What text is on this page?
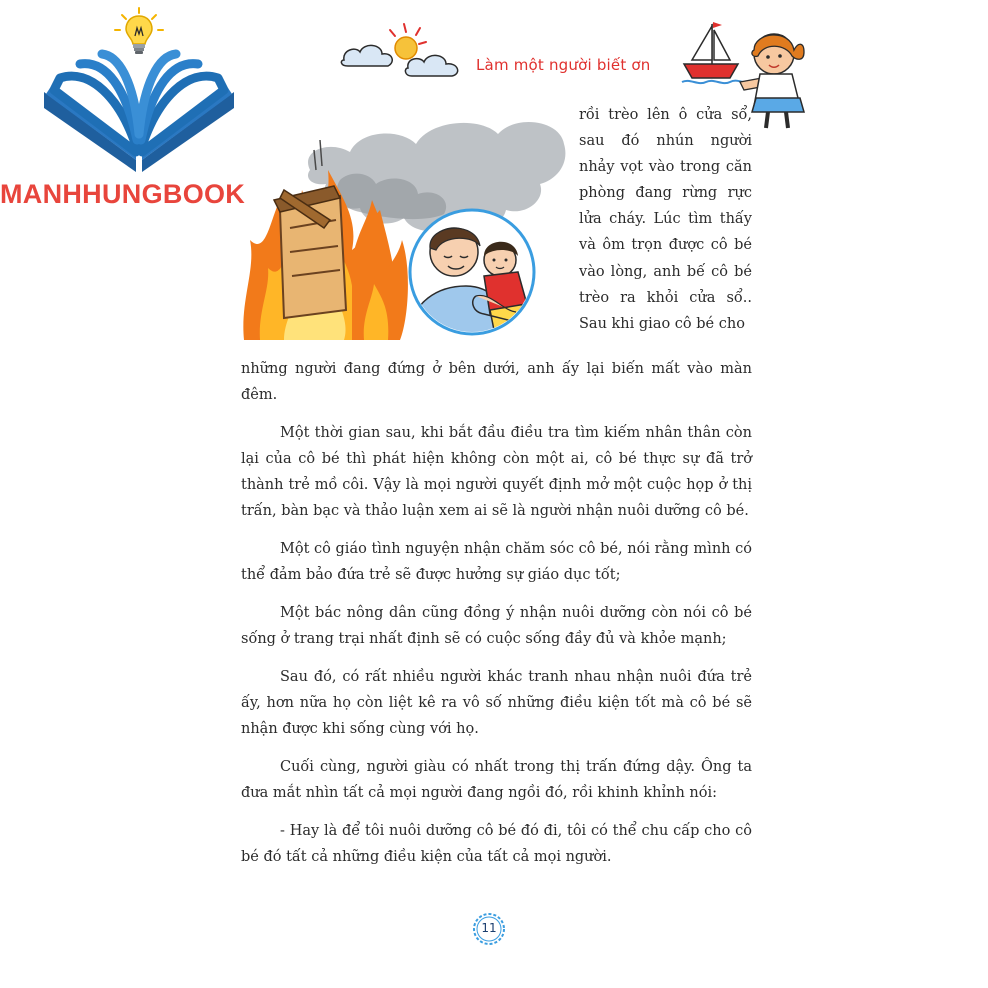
MANHHUNGBOOK
Làm một người biết ơn

rồi trèo lên ô cửa sổ, sau đó nhún người nhảy vọt vào trong căn phòng đang rừng rực lửa cháy. Lúc tìm thấy và ôm trọn được cô bé vào lòng, anh bế cô bé trèo ra khỏi cửa sổ.. Sau khi giao cô bé cho

những người đang đứng ở bên dưới, anh ấy lại biến mất vào màn đêm.

Một thời gian sau, khi bắt đầu điều tra tìm kiếm nhân thân còn lại của cô bé thì phát hiện không còn một ai, cô bé thực sự đã trở thành trẻ mồ côi. Vậy là mọi người quyết định mở một cuộc họp ở thị trấn, bàn bạc và thảo luận xem ai sẽ là người nhận nuôi dưỡng cô bé.

Một cô giáo tình nguyện nhận chăm sóc cô bé, nói rằng mình có thể đảm bảo đứa trẻ sẽ được hưởng sự giáo dục tốt;

Một bác nông dân cũng đồng ý nhận nuôi dưỡng còn nói cô bé sống ở trang trại nhất định sẽ có cuộc sống đầy đủ và khỏe mạnh;

Sau đó, có rất nhiều người khác tranh nhau nhận nuôi đứa trẻ ấy, hơn nữa họ còn liệt kê ra vô số những điều kiện tốt mà cô bé sẽ nhận được khi sống cùng với họ.

Cuối cùng, người giàu có nhất trong thị trấn đứng dậy. Ông ta đưa mắt nhìn tất cả mọi người đang ngồi đó, rồi khinh khỉnh nói:

- Hay là để tôi nuôi dưỡng cô bé đó đi, tôi có thể chu cấp cho cô bé đó tất cả những điều kiện của tất cả mọi người.

11
